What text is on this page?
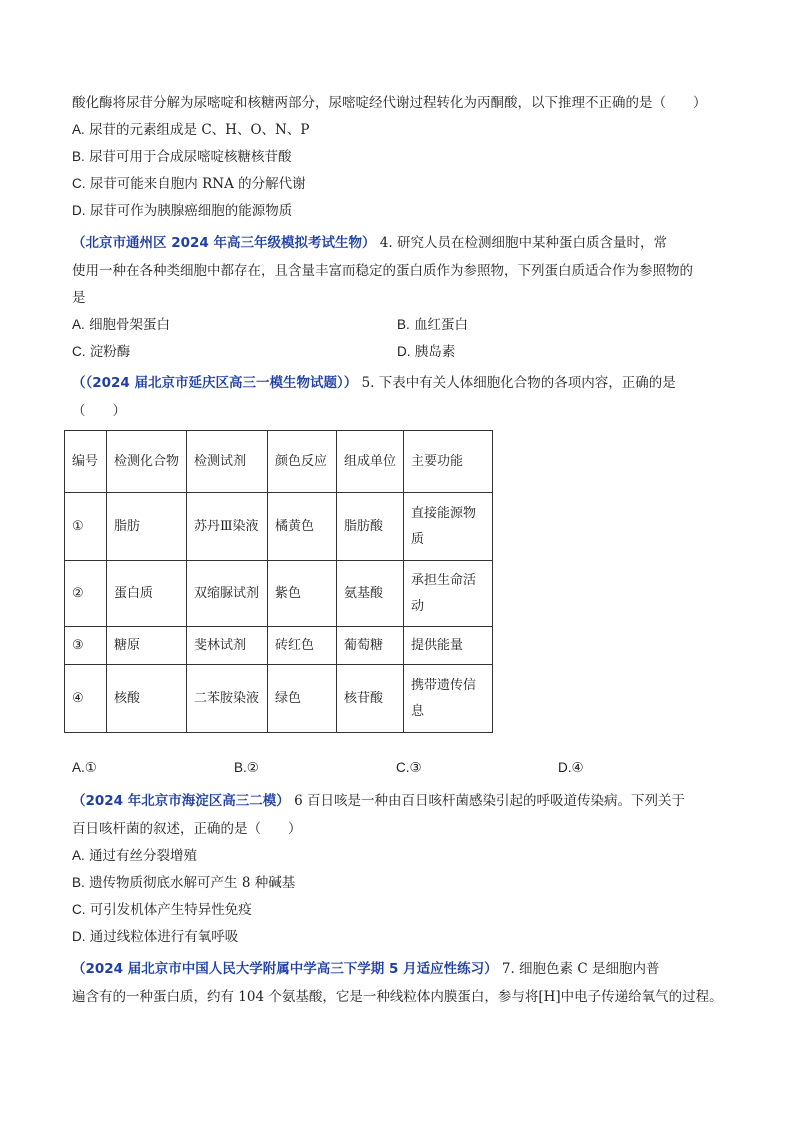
酸化酶将尿苷分解为尿嘧啶和核糖两部分，尿嘧啶经代谢过程转化为丙酮酸，以下推理不正确的是（　　）
A. 尿苷的元素组成是 C、H、O、N、P
B. 尿苷可用于合成尿嘧啶核糖核苷酸
C. 尿苷可能来自胞内 RNA 的分解代谢
D. 尿苷可作为胰腺癌细胞的能源物质
（北京市通州区 2024 年高三年级模拟考试生物） 4. 研究人员在检测细胞中某种蛋白质含量时，常
使用一种在各种类细胞中都存在，且含量丰富而稳定的蛋白质作为参照物，下列蛋白质适合作为参照物的
是
A. 细胞骨架蛋白	B. 血红蛋白
C. 淀粉酶	D. 胰岛素
（（2024 届北京市延庆区高三一模生物试题）） 5. 下表中有关人体细胞化合物的各项内容，正确的是
（　　）
编号	检测化合物	检测试剂	颜色反应	组成单位	主要功能
①	脂肪	苏丹Ⅲ染液	橘黄色	脂肪酸	直接能源物质
②	蛋白质	双缩脲试剂	紫色	氨基酸	承担生命活动
③	糖原	斐林试剂	砖红色	葡萄糖	提供能量
④	核酸	二苯胺染液	绿色	核苷酸	携带遗传信息
A.①	B.②	C.③	D.④
（2024 年北京市海淀区高三二模） 6 百日咳是一种由百日咳杆菌感染引起的呼吸道传染病。下列关于
百日咳杆菌的叙述，正确的是（　　）
A. 通过有丝分裂增殖
B. 遗传物质彻底水解可产生 8 种碱基
C. 可引发机体产生特异性免疫
D. 通过线粒体进行有氧呼吸
（2024 届北京市中国人民大学附属中学高三下学期 5 月适应性练习） 7. 细胞色素 C 是细胞内普
遍含有的一种蛋白质，约有 104 个氨基酸，它是一种线粒体内膜蛋白，参与将[H]中电子传递给氧气的过程。
